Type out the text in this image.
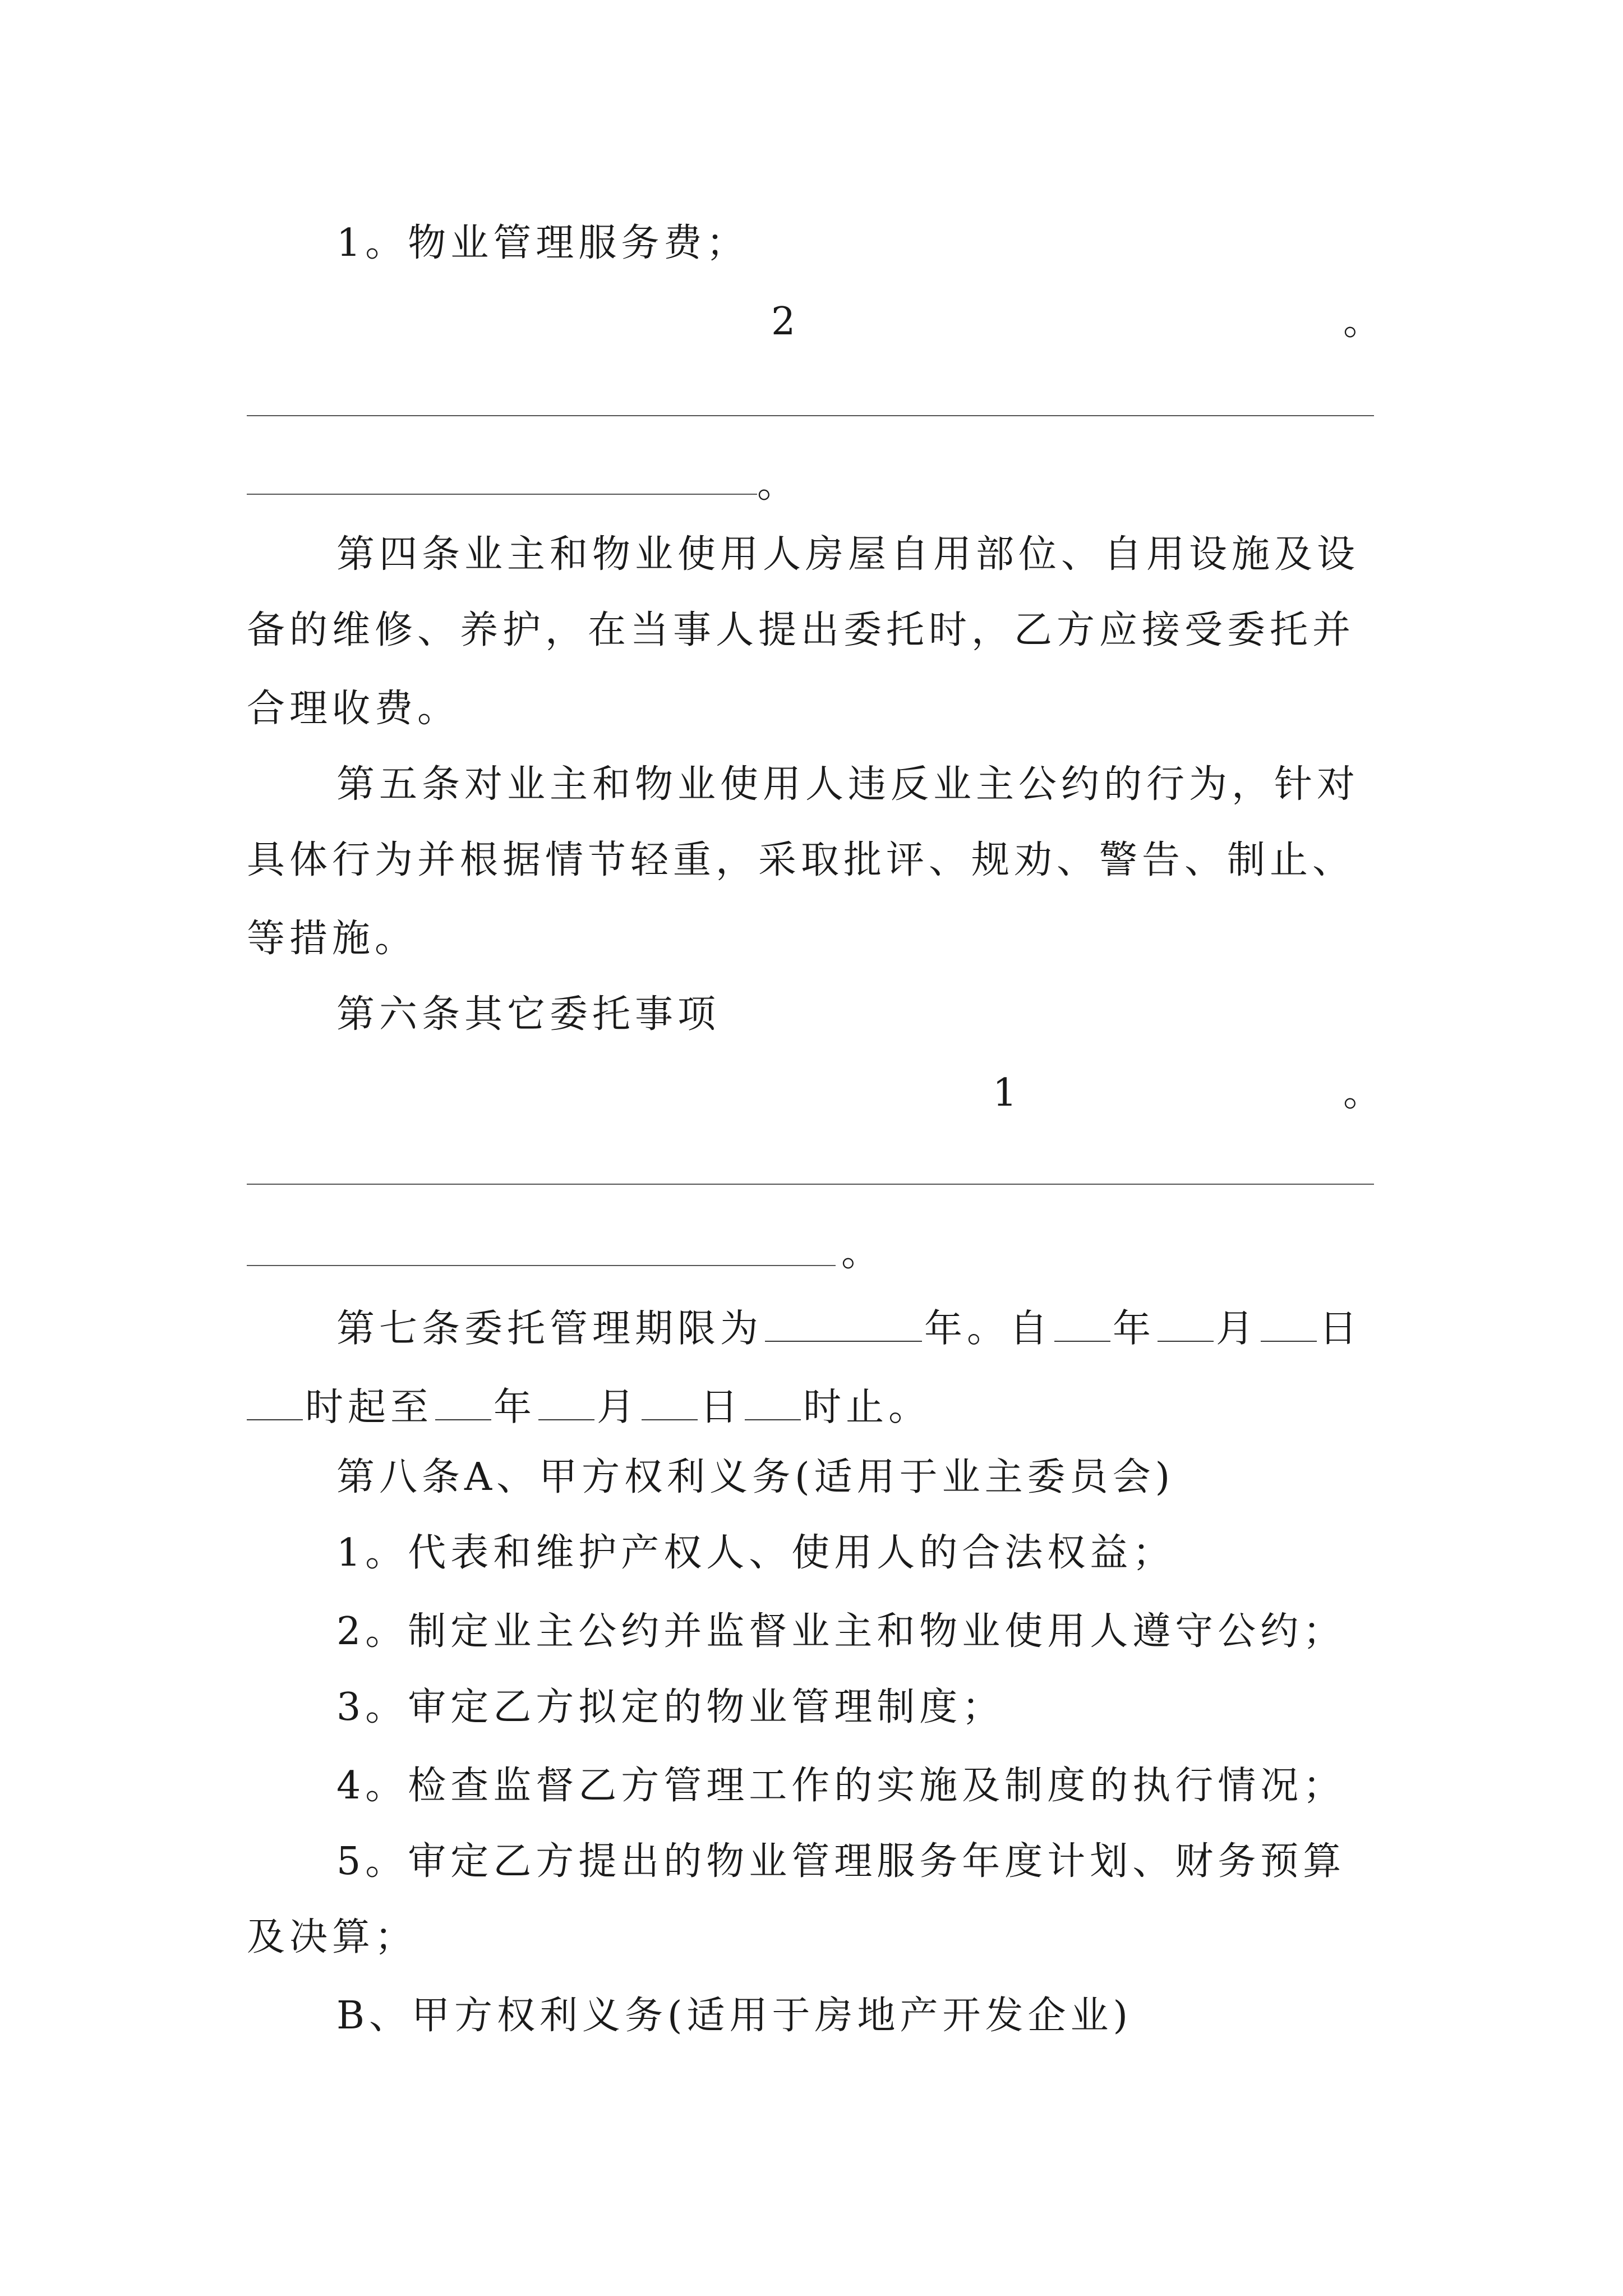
1。物业管理服务费；
2	。
。
第四条业主和物业使用人房屋自用部位、自用设施及设
备的维修、养护，在当事人提出委托时，乙方应接受委托并
合理收费。
第五条对业主和物业使用人违反业主公约的行为，针对
具体行为并根据情节轻重，采取批评、规劝、警告、制止、
等措施。
第六条其它委托事项
1	。
。
第七条委托管理期限为	年。自 年 月 日
时起至 年 月 日 时止。
第八条A、甲方权利义务(适用于业主委员会)
1。代表和维护产权人、使用人的合法权益；
2。制定业主公约并监督业主和物业使用人遵守公约；
3。审定乙方拟定的物业管理制度；
4。检查监督乙方管理工作的实施及制度的执行情况；
5。审定乙方提出的物业管理服务年度计划、财务预算
及决算；
B、甲方权利义务(适用于房地产开发企业)
